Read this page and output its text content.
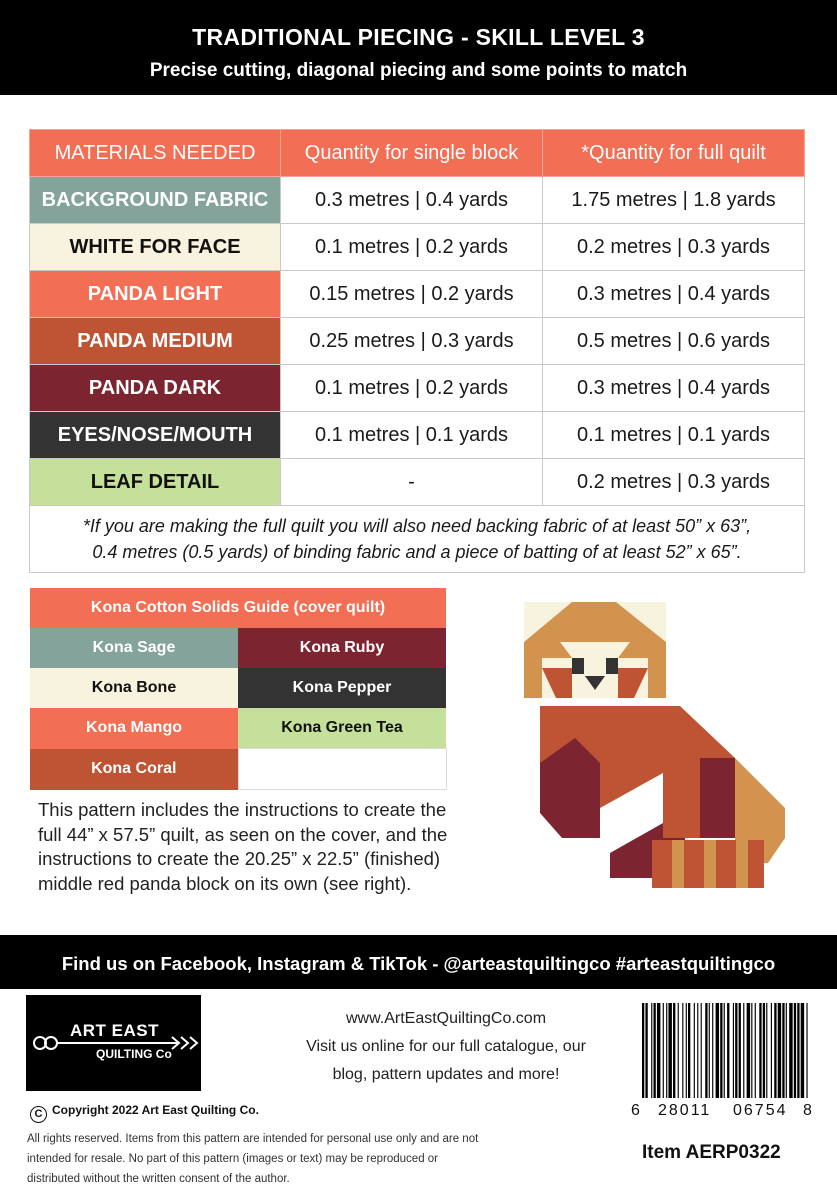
TRADITIONAL PIECING - SKILL LEVEL 3
Precise cutting, diagonal piecing and some points to match
MATERIALS NEEDED	Quantity for single block	*Quantity for full quilt
BACKGROUND FABRIC	0.3 metres | 0.4 yards	1.75 metres | 1.8 yards
WHITE FOR FACE	0.1 metres | 0.2 yards	0.2 metres | 0.3 yards
PANDA LIGHT	0.15 metres | 0.2 yards	0.3 metres | 0.4 yards
PANDA MEDIUM	0.25 metres | 0.3 yards	0.5 metres | 0.6 yards
PANDA DARK	0.1 metres | 0.2 yards	0.3 metres | 0.4 yards
EYES/NOSE/MOUTH	0.1 metres | 0.1 yards	0.1 metres | 0.1 yards
LEAF DETAIL	-	0.2 metres | 0.3 yards
*If you are making the full quilt you will also need backing fabric of at least 50” x 63”,
0.4 metres (0.5 yards) of binding fabric and a piece of batting of at least 52” x 65”.		
Kona Cotton Solids Guide (cover quilt)	
Kona Sage	Kona Ruby
Kona Bone	Kona Pepper
Kona Mango	Kona Green Tea
Kona Coral	
This pattern includes the instructions to create the
full 44” x 57.5” quilt, as seen on the cover, and the
instructions to create the 20.25” x 22.5” (finished)
middle red panda block on its own (see right).
Find us on Facebook, Instagram & TikTok - @arteastquiltingco #arteastquiltingco
ART EAST
QUILTING Co
www.ArtEastQuiltingCo.com
Visit us online for our full catalogue, our
blog, pattern updates and more!
6 28011 06754 8
Item AERP0322
C Copyright 2022 Art East Quilting Co.
All rights reserved. Items from this pattern are intended for personal use only and are not
intended for resale. No part of this pattern (images or text) may be reproduced or
distributed without the written consent of the author.
